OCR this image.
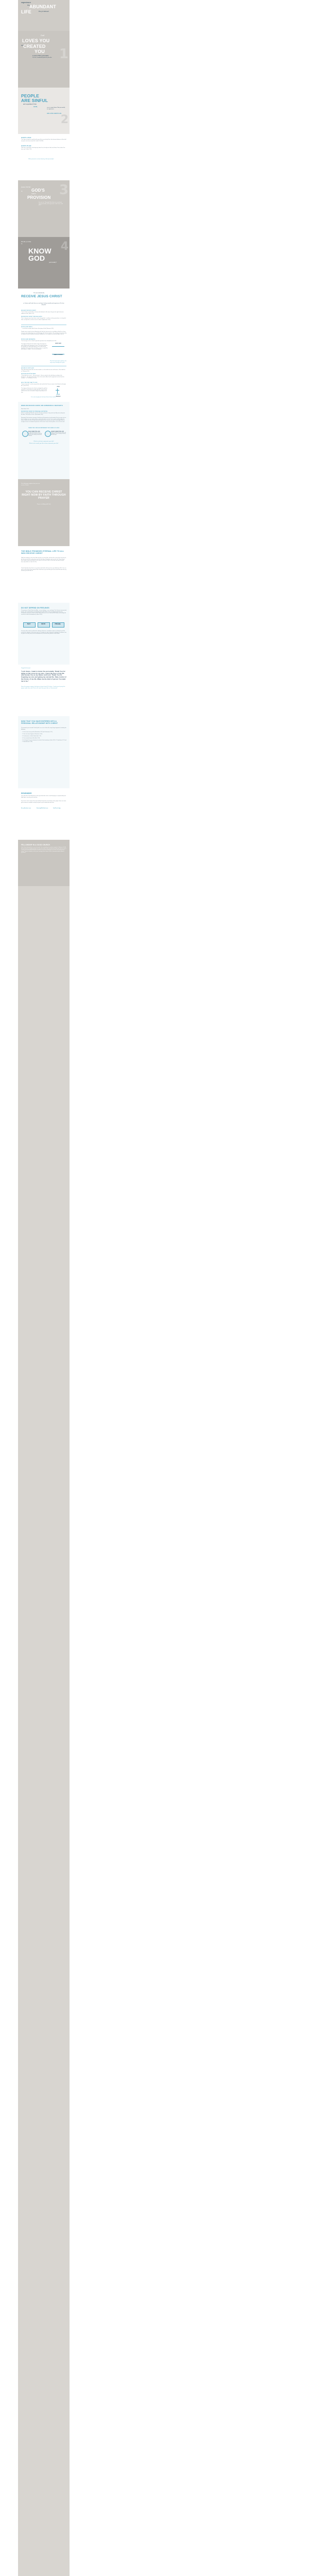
experience
the ABUNDANT
LIFE	He promised
God
LOVES YOU
and
CREATED
YOU
to know Him personally.
He has a wonderful plan for your life. 1
PEOPLE
ARE SINFUL
and separated from
GOD,	so we cannot know Him personally or experience
HIS LOVE AND PLAN.
2
GOD'S LOVE
"For God so loved the world that He gave His one and only Son, that whoever believes in Him shall not perish, but have eternal life" (John 3:16, NIV).
GOD'S PLAN
"Now this is eternal life: that they may know You, the only true God, and Jesus Christ, whom You have sent" (John 17:3).
What prevents us from knowing God personally?
Jesus Christ
is GOD'S
ONLY
PROVISION
for our sin. Through Him alone we can know God personally and experience God's love and plan.
3
Would you like to
KNOW
GOD
personally?
4
We must individually
RECEIVE JESUS CHRIST
as Savior and Lord; then we can know God personally and experience His love and plan.
WE MUST RECEIVE CHRIST
"Yet to all who received Him, to those who believed in His name, He gave the right to become children of God" (John 1:12).
WE RECEIVE CHRIST THROUGH FAITH
"For it is by grace you have been saved, through faith - and this not from yourselves, it is the gift of God - not by works, so that no one can boast" (Ephesians 2:8,9).
PEOPLE ARE SINFUL
"... for all have sinned and fall short of the glory of God" (Romans 3:23).
People were created to have fellowship with God; but, because of our stubborn self-will, we chose to go our own independent way and fellowship with God was broken. This self-will, characterized by an attitude of active rebellion or passive indifference, is an evidence of what the Bible calls sin.
PEOPLE ARE SEPARATED
"For the wages of sin is death" [spiritual separation from God] (Romans 6:23).
This diagram illustrates that God is holy and people are sinful. A great gulf separates the two. The arrows illustrate that people are continually trying to reach God and the abundant life through their own efforts, such as a good life, philosophy, or religion - but we inevitably fail.
HOLY GOD
SINFUL PEOPLE
The third principle explains the only way to bridge this gulf...
HE DIED IN OUR PLACE
"But God demonstrates His own love toward us, in that while we were still sinners, Christ died for us" (Romans 5:8).
HE ROSE FROM THE DEAD
"Christ died for our sins... He was buried... He was raised on the third day according to the Scriptures... He appeared to Peter, then to the twelve. After that He appeared to more than five hundred..." (1 Corinthians 15:3-6).
HE IS THE ONLY WAY TO GOD
"Jesus answered, 'I am the way and the truth and the life. No one comes to the Father but through Me'" (John 14:6).
This diagram illustrates that God has bridged the gulf that separates us from Him by sending His Son, Jesus Christ, to die on the cross in our place to pay the penalty for our sins.
GOD
JESUS
PEOPLE
It is not enough just to know these three truths...
WHEN WE RECEIVE CHRIST, WE EXPERIENCE A NEW BIRTH
Read John 3:1-8.
WE RECEIVE CHRIST BY PERSONAL INVITATION
[Christ is speaking] "Behold, I stand at the door and knock; if any one hears My voice and opens the door, I will come in to him" (Revelation 3:20).
Receiving Christ involves turning to God from self (repentance) and trusting Christ to come into our lives to forgive our sins and to make us what He wants us to be. Just to agree intellectually that Jesus Christ is the Son of God and that He died on the cross for our sins is not enough. Nor is it enough to have an emotional experience. We receive Jesus Christ by faith, as an act of the will.
THESE TWO CIRCLES REPRESENT TWO KINDS OF LIVES
SELF-DIRECTED LIFE
S - Self is on the throne; Christ is outside the life; interests are directed by self, often resulting in discord and frustration
CHRIST-DIRECTED LIFE
Christ is in the life and on the throne; self is yielding to Christ, resulting in harmony with God's plan
Which circle best represents your life?
Which circle would you like to have represent your life?
The following explains how you can receive Christ:
YOU CAN RECEIVE CHRIST RIGHT NOW BY FAITH THROUGH PRAYER
Prayer is talking with God
THE BIBLE PROMISES ETERNAL LIFE TO ALL WHO RECEIVE CHRIST
"And the testimony is this, that God has given us eternal life, and this life is in His Son. He who has the Son has the life; he who does not have the Son of God does not have the life. These things I have written to you who believe in the name of the Son of God, so that you may know that you have eternal life" (1 John 5:11-13).
Thank God often that Christ is in your life and that He will never leave you (Hebrews 13:5). You can know on the basis of His promise that Christ lives in you and that you have eternal life from the very moment you invite Him in.
DO NOT DEPEND ON FEELINGS
The promise of God's Word, the Bible - not our feelings - is our authority. The Christian lives by faith (trust) in the trustworthiness of God Himself and His Word. This train diagram illustrates the relationship among fact (God and His Word), faith (our trust in God and His Word), and feeling (the result of our faith and obedience) (John 14:21).
FACT	FAITH	FEELING
The train will run with or without the caboose. However, it would be useless to attempt to pull the train by the caboose. In the same way, as Christians we do not depend on feelings or emotions, but we place our faith (trust) in the trustworthiness of God and the promises of His Word.
Suggested prayer:
"Lord Jesus, I want to know You personally. Thank You for dying on the cross for my sins. I open the door of my life and receive You as my Savior and Lord. Thank You for forgiving my sins and giving me eternal life. Take control of the throne of my life. Make me the kind of person You want me to be."
Does this prayer express the desire of your heart? If it does, I invite you to pray this prayer right now, and Christ will come into your life, as He promised.
NOW THAT YOU HAVE ENTERED INTO A PERSONAL RELATIONSHIP WITH CHRIST
The moment you received Christ by faith, as an act of the will, many things happened, including the following:
1. Christ came into your life (Revelation 3:20 and Colossians 1:27).
2. Your sins were forgiven (Colossians 1:14).
3. You became a child of God (John 1:12).
4. You received eternal life (John 5:24).
5. You began the great adventure for which God created you (John 10:10; 2 Corinthians 5:17 and 1 Thessalonians 5:18).
REMEMBER
Your walk with Christ depends on what you allow Him to do in and through you, empowered by the Holy Spirit, not what you do for Him.
If you have come to know Christ personally through this presentation of the gospel, there are some great resources available to help you grow in your relationship with God:
EveryStudent.com	StartingWithGod.com	GodTools App
FELLOWSHIP IN A GOOD CHURCH
God's Word admonishes us not to forsake "the assembling of ourselves together" (Hebrews 10:25). Several logs burn brightly together; but put one aside on the cold hearth and the fire goes out. So it is with your relationship with other Christians. If you do not belong to a church, do not wait to be invited. Take the initiative; call or visit a nearby church where Christ is honored and His Word is preached.
